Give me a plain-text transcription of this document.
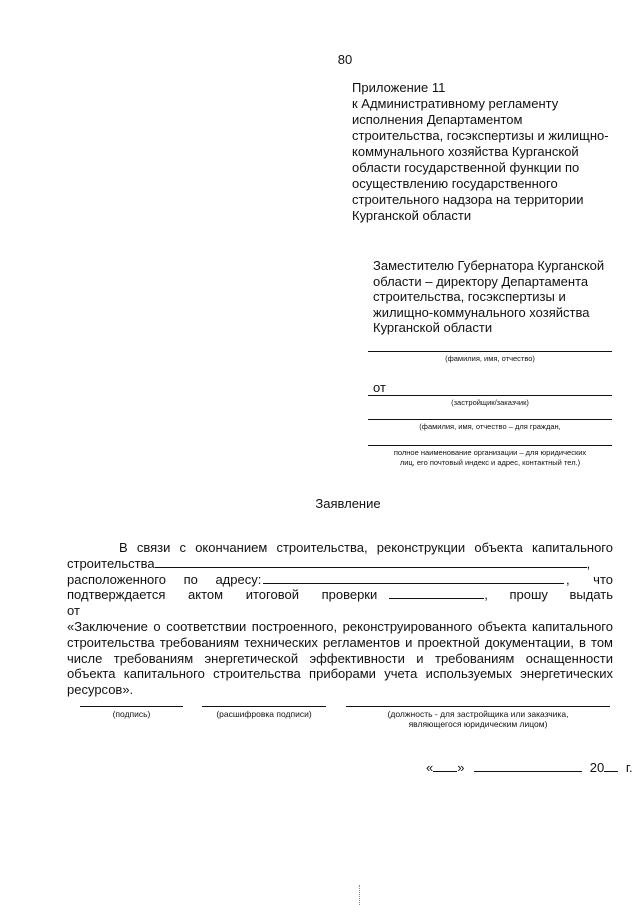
80
Приложение 11
к Административному регламенту
исполнения Департаментом
строительства, госэкспертизы и жилищно-
коммунального хозяйства Курганской
области государственной функции по
осуществлению государственного
строительного надзора на территории
Курганской области
Заместителю Губернатора Курганской
области – директору Департамента
строительства, госэкспертизы и
жилищно-коммунального хозяйства
Курганской области
(фамилия, имя, отчество)
от
(застройщик/заказчик)
(фамилия, имя, отчество – для граждан,
полное наименование организации – для юридических
лиц, его почтовый индекс и адрес, контактный тел.)
Заявление
В связи с окончанием строительства, реконструкции объекта капитального строительства	,
расположенного по адресу:	, что
подтверждается актом итоговой проверки от
, прошу выдать
«Заключение о соответствии построенного, реконструированного объекта капитального строительства требованиям технических регламентов и проектной документации, в том числе требованиям энергетической эффективности и требованиям оснащенности объекта капитального строительства приборами учета используемых энергетических ресурсов».
(подпись)	(расшифровка подписи)	(должность - для застройщика или заказчика,
являющегося юридическим лицом)
« »	20 г.
